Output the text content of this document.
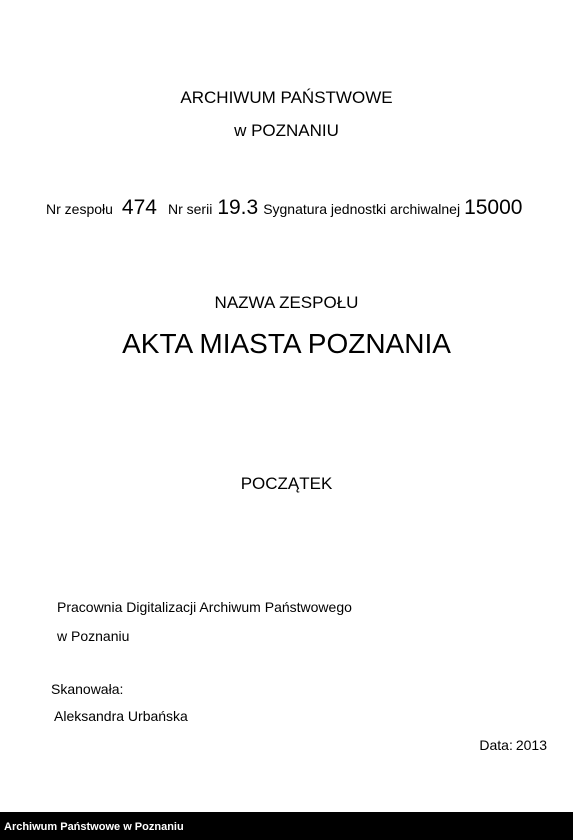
ARCHIWUM PAŃSTWOWE
w POZNANIU
Nr zespołu 474 Nr serii 19.3 Sygnatura jednostki archiwalnej 15000
NAZWA ZESPOŁU
AKTA MIASTA POZNANIA
POCZĄTEK
Pracownia Digitalizacji Archiwum Państwowego
w Poznaniu
Skanowała:
Aleksandra Urbańska
Data: 2013
Archiwum Państwowe w Poznaniu
